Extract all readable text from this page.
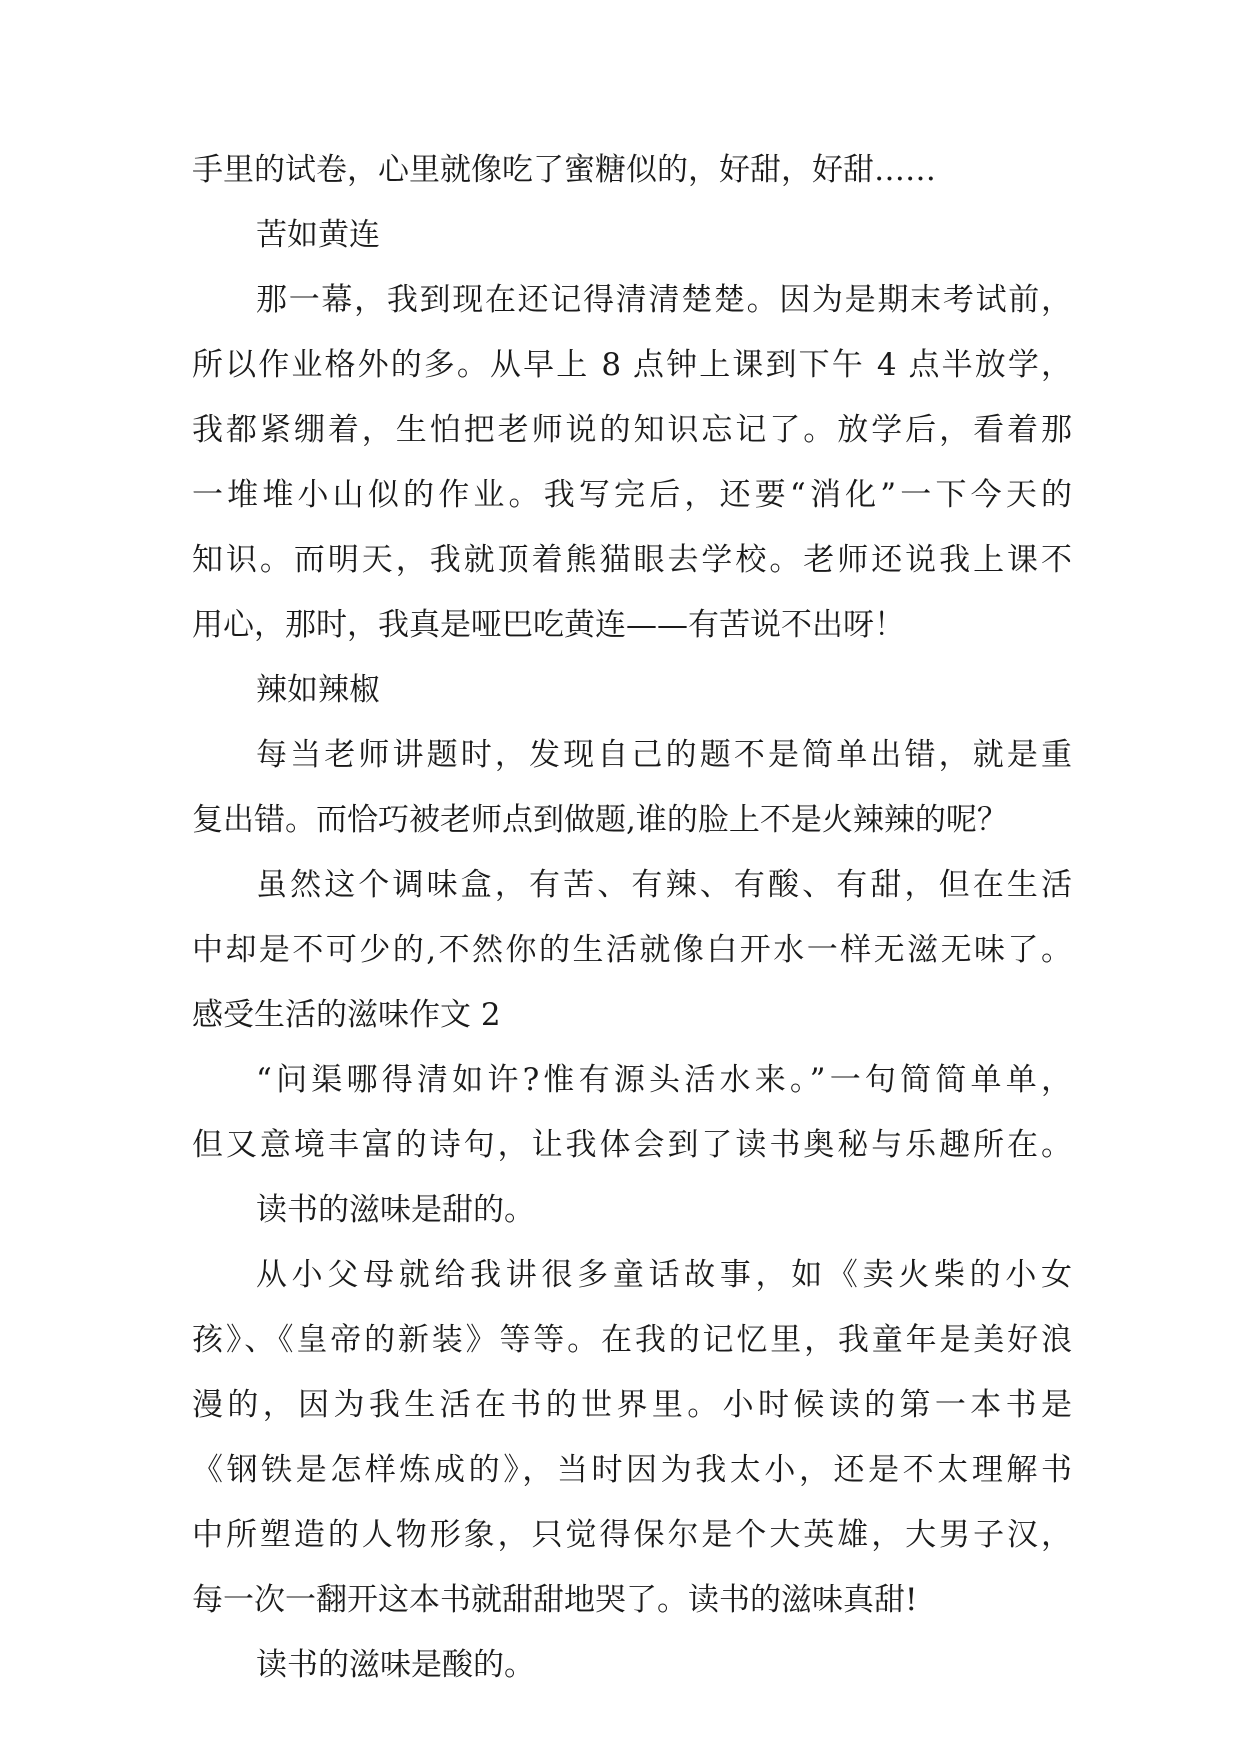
手里的试卷，心里就像吃了蜜糖似的，好甜，好甜……
苦如黄连
那一幕，我到现在还记得清清楚楚。因为是期末考试前，
所以作业格外的多。从早上 8 点钟上课到下午 4 点半放学，
我都紧绷着，生怕把老师说的知识忘记了。放学后，看着那
一堆堆小山似的作业。我写完后，还要“消化”一下今天的
知识。而明天，我就顶着熊猫眼去学校。老师还说我上课不
用心，那时，我真是哑巴吃黄连——有苦说不出呀！
辣如辣椒
每当老师讲题时，发现自己的题不是简单出错，就是重
复出错。而恰巧被老师点到做题,谁的脸上不是火辣辣的呢？
虽然这个调味盒，有苦、有辣、有酸、有甜，但在生活
中却是不可少的,不然你的生活就像白开水一样无滋无味了。
感受生活的滋味作文 2
“问渠哪得清如许?惟有源头活水来。”一句简简单单，
但又意境丰富的诗句，让我体会到了读书奥秘与乐趣所在。
读书的滋味是甜的。
从小父母就给我讲很多童话故事，如《卖火柴的小女
孩》、《皇帝的新装》等等。在我的记忆里，我童年是美好浪
漫的，因为我生活在书的世界里。小时候读的第一本书是
《钢铁是怎样炼成的》，当时因为我太小，还是不太理解书
中所塑造的人物形象，只觉得保尔是个大英雄，大男子汉，
每一次一翻开这本书就甜甜地哭了。读书的滋味真甜!
读书的滋味是酸的。
